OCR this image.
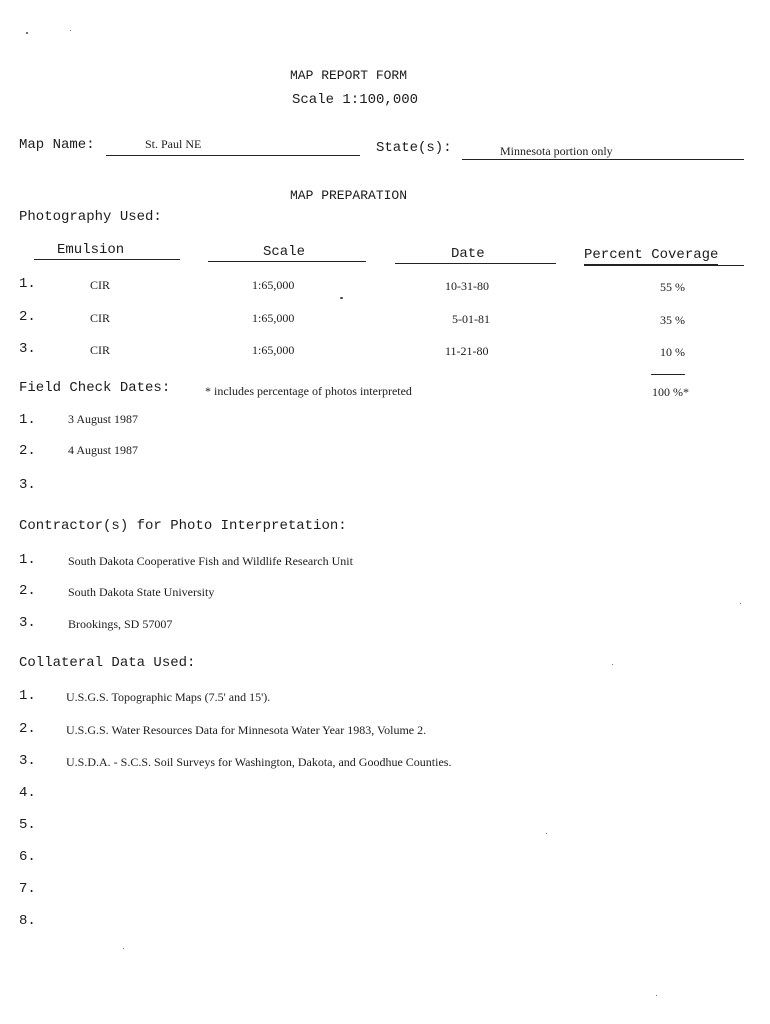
MAP REPORT FORM
Scale 1:100,000
Map Name:	St. Paul NE	State(s):	Minnesota portion only
MAP PREPARATION
Photography Used:
Emulsion	Scale	Date	Percent Coverage
1.	CIR	1:65,000	10-31-80	55 %
2.	CIR	1:65,000	5-01-81	35 %
3.	CIR	1:65,000	11-21-80	10 %
100 %*
Field Check Dates:	* includes percentage of photos interpreted
1.	3 August 1987
2.	4 August 1987
3.
Contractor(s) for Photo Interpretation:
1.	South Dakota Cooperative Fish and Wildlife Research Unit
2.	South Dakota State University
3.	Brookings, SD 57007
Collateral Data Used:
1.	U.S.G.S. Topographic Maps (7.5' and 15').
2.	U.S.G.S. Water Resources Data for Minnesota Water Year 1983, Volume 2.
3.	U.S.D.A. - S.C.S. Soil Surveys for Washington, Dakota, and Goodhue Counties.
4.
5.
6.
7.
8.
